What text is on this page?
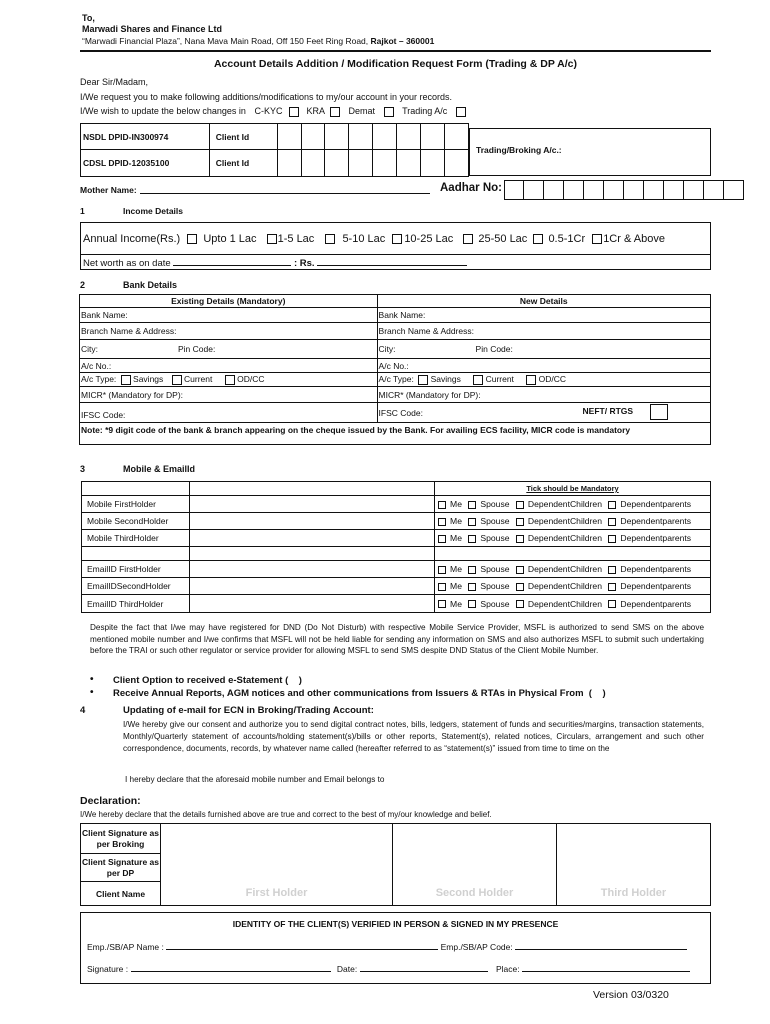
To,
Marwadi Shares and Finance Ltd
“Marwadi Financial Plaza”, Nana Mava Main Road, Off 150 Feet Ring Road, Rajkot – 360001
Account Details Addition / Modification Request Form (Trading & DP A/c)
Dear Sir/Madam,
I/We request you to make following additions/modifications to my/our account in your records.
I/We wish to update the below changes in C-KYC	KRA	Demat	Trading A/c
NSDL DPID-IN300974	Client Id								
CDSL DPID-12035100	Client Id								
Trading/Broking A/c.:
Mother Name:	Aadhar No:
1	Income Details
Annual Income(Rs.) Upto 1 Lac 1-5 Lac	5-10 Lac 10-25 Lac 25-50 Lac 0.5-1Cr 1Cr & Above
Net worth as on date	: Rs.
2	Bank Details
Existing Details (Mandatory)	New Details
Bank Name:	Bank Name:
Branch Name & Address:	Branch Name & Address:
City: Pin Code:	City: Pin Code:

A/c No.:	A/c No.:
A/c Type: Savings Current OD/CC	A/c Type: Savings Current OD/CC
MICR* (Mandatory for DP):	MICR* (Mandatory for DP):
IFSC Code:	IFSC Code: NEFT/ RTGS

Note: *9 digit code of the bank & branch appearing on the cheque issued by the Bank. For availing ECS facility, MICR code is mandatory	
3	Mobile & EmailId
		Tick should be Mandatory
Mobile FirstHolder		Me Spouse DependentChildren Dependentparents
Mobile SecondHolder		Me Spouse DependentChildren Dependentparents
Mobile ThirdHolder		Me Spouse DependentChildren Dependentparents

EmailID FirstHolder		Me Spouse DependentChildren Dependentparents
EmailIDSecondHolder		Me Spouse DependentChildren Dependentparents
EmailID ThirdHolder		Me Spouse DependentChildren Dependentparents
Despite the fact that I/we may have registered for DND (Do Not Disturb) with respective Mobile Service Provider, MSFL is authorized to send SMS on the above mentioned mobile number and I/we confirms that MSFL will not be held liable for sending any information on SMS and also authorizes MSFL to submit such undertaking before the TRAI or such other regulator or service provider for allowing MSFL to send SMS despite DND Status of the Client Mobile Number.
• Client Option to received e-Statement (    )
• Receive Annual Reports, AGM notices and other communications from Issuers & RTAs in Physical From  (    )
4	Updating of e-mail for ECN in Broking/Trading Account:
I/We hereby give our consent and authorize you to send digital contract notes, bills, ledgers, statement of funds and securities/margins, transaction statements, Monthly/Quarterly statement of accounts/holding statement(s)/bills or other reports, Statement(s), related notices, Circulars, arrangement and such other correspondence, documents, records, by whatever name called (hereafter referred to as “statement(s)” issued from time to time on the
I hereby declare that the aforesaid mobile number and Email belongs to
Declaration:
I/We hereby declare that the details furnished above are true and correct to the best of my/our knowledge and belief.
Client Signature as per Broking				
Client Signature as per DP				
Client Name	First Holder		Second Holder	Third Holder
IDENTITY OF THE CLIENT(S) VERIFIED IN PERSON & SIGNED IN MY PRESENCE
Emp./SB/AP Name :	Emp./SB/AP Code:
Signature :	Date:	Place:
Version 03/0320
